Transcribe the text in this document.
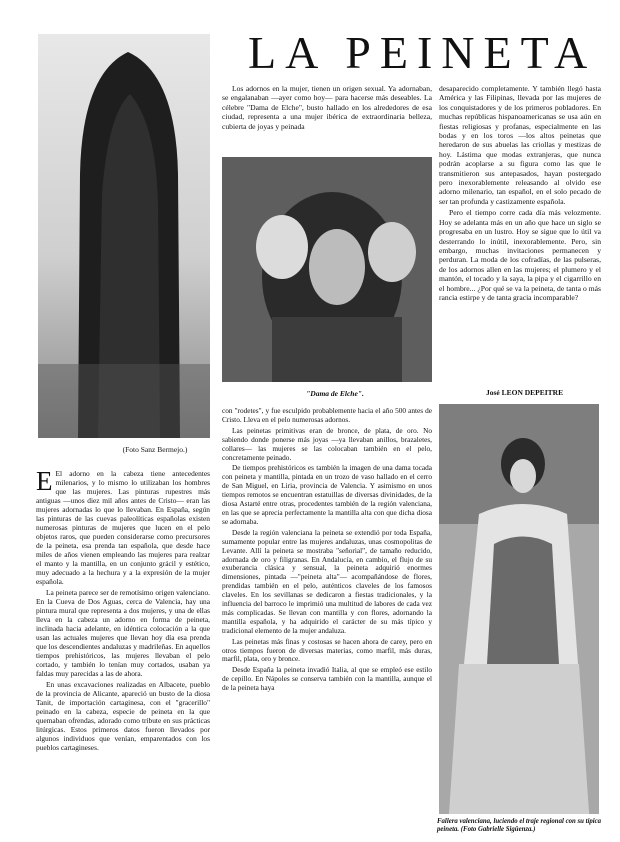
LA PEINETA
(Foto Sanz Bermejo.)
"Dama de Elche".
Fallera valenciana, luciendo el traje regional con su típica peineta. (Foto Gabrielle Sigüenza.)

Los adornos en la mujer, tienen un origen sexual. Ya adornaban, se engalanaban —ayer como hoy— para hacerse más deseables. La célebre "Dama de Elche", busto hallado en los alrededores de esa ciudad, representa a una mujer ibérica de extraordinaria belleza, cubierta de joyas y peinada

desaparecido completamente. Y también llegó hasta América y las Filipinas, llevada por las mujeres de los conquistadores y de los primeros pobladores. En muchas repúblicas hispanoamericanas se usa aún en fiestas religiosas y profanas, especialmente en las bodas y en los toros —los altos peinetas que heredaron de sus abuelas las criollas y mestizas de hoy. Lástima que modas extranjeras, que nunca podrán acoplarse a su figura como las que le transmitieron sus antepasados, hayan postergado pero inexorablemente releasando al olvido ese adorno milenario, tan español, en el solo pecado de ser tan profunda y castizamente española.

Pero el tiempo corre cada día más velozmente. Hoy se adelanta más en un año que hace un siglo se progresaba en un lustro. Hoy se sigue que lo útil va desterrando lo inútil, inexorablemente. Pero, sin embargo, muchas invitaciones permanecen y perduran. La moda de los cofradías, de las pulseras, de los adornos allen en las mujeres; el plumero y el mantón, el tocado y la saya, la pipa y el cigarrillo en el hombre... ¿Por qué se va la peineta, de tanta o más rancia estirpe y de tanta gracia incomparable?

José LEON DEPEITRE

E El adorno en la cabeza tiene antecedentes milenarios, y lo mismo lo utilizaban los hombres que las mujeres. Las pinturas rupestres más antiguas —unos diez mil años antes de Cristo— eran las mujeres adornadas lo que lo llevaban. En España, según las pinturas de las cuevas paleolíticas españolas existen numerosas pinturas de mujeres que lucen en el pelo objetos raros, que pueden considerarse como precursores de la peineta, esa prenda tan española, que desde hace miles de años vienen empleando las mujeres para realzar el manto y la mantilla, en un conjunto grácil y estético, muy adecuado a la hechura y a la expresión de la mujer española.

La peineta parece ser de remotísimo origen valenciano. En la Cueva de Dos Aguas, cerca de Valencia, hay una pintura mural que representa a dos mujeres, y una de ellas lleva en la cabeza un adorno en forma de peineta, inclinada hacia adelante, en idéntica colocación a la que usan las actuales mujeres que llevan hoy día esa prenda que los descendientes andaluzas y madrileñas. En aquellos tiempos prehistóricos, las mujeres llevaban el pelo cortado, y también lo tenían muy cortados, usaban ya faldas muy parecidas a las de ahora.

En unas excavaciones realizadas en Albacete, pueblo de la provincia de Alicante, apareció un busto de la diosa Tanit, de importación cartaginesa, con el "gracerillo" peinado en la cabeza, especie de peineta en la que quemaban ofrendas, adorado como tribute en sus prácticas litúrgicas. Estos primeros datos fueron llevados por algunos individuos que venían, emparentados con los pueblos cartagineses.

con "rodetes", y fue esculpido probablemente hacia el año 500 antes de Cristo. Lleva en el pelo numerosas adornos.

Las peinetas primitivas eran de bronce, de plata, de oro. No sabiendo donde ponerse más joyas —ya llevaban anillos, brazaletes, collares— las mujeres se las colocaban también en el pelo, concretamente peinado.

De tiempos prehistóricos es también la imagen de una dama tocada con peineta y mantilla, pintada en un trozo de vaso hallado en el cerro de San Miguel, en Liria, provincia de Valencia. Y asimismo en unos tiempos remotos se encuentran estatuillas de diversas divinidades, de la diosa Astarté entre otras, procedentes también de la región valenciana, en las que se aprecia perfectamente la mantilla alta con que dicha diosa se adornaba.

Desde la región valenciana la peineta se extendió por toda España, sumamente popular entre las mujeres andaluzas, unas cosmopolitas de Levante. Allí la peineta se mostraba "señorial", de tamaño reducido, adornada de oro y filigranas. En Andalucía, en cambio, el flujo de su exuberancia clásica y sensual, la peineta adquirió enormes dimensiones, pintada —"peineta alta"— acompañándose de flores, prendidas también en el pelo, auténticos claveles de los famosos claveles. En los sevillanas se dedicaron a fiestas tradicionales, y la influencia del barroco le imprimió una multitud de labores de cada vez más complicadas. Se llevan con mantilla y con flores, adornando la mantilla española, y ha adquirido el carácter de su más típico y tradicional elemento de la mujer andaluza.

Las peinetas más finas y costosas se hacen ahora de carey, pero en otros tiempos fueron de diversas materias, como marfil, más duras, marfil, plata, oro y bronce.

Desde España la peineta invadió Italia, al que se empleó ese estilo de cepillo. En Nápoles se conserva también con la mantilla, aunque el de la peineta haya
